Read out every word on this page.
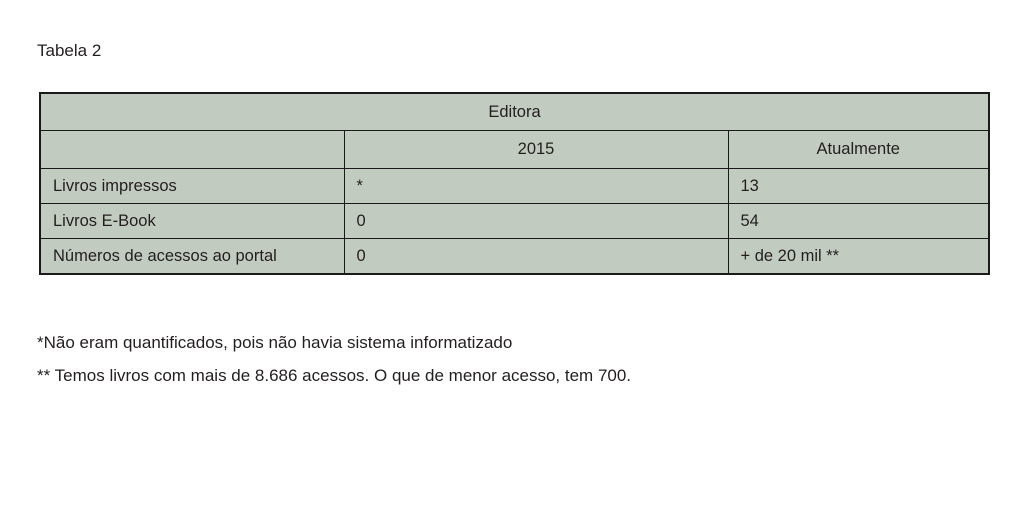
Tabela 2
Editora		
	2015	Atualmente
Livros impressos	*	13
Livros E-Book	0	54
Números de acessos ao portal	0	+ de 20 mil **
*Não eram quantificados, pois não havia sistema informatizado
** Temos livros com mais de 8.686 acessos. O que de menor acesso, tem 700.
